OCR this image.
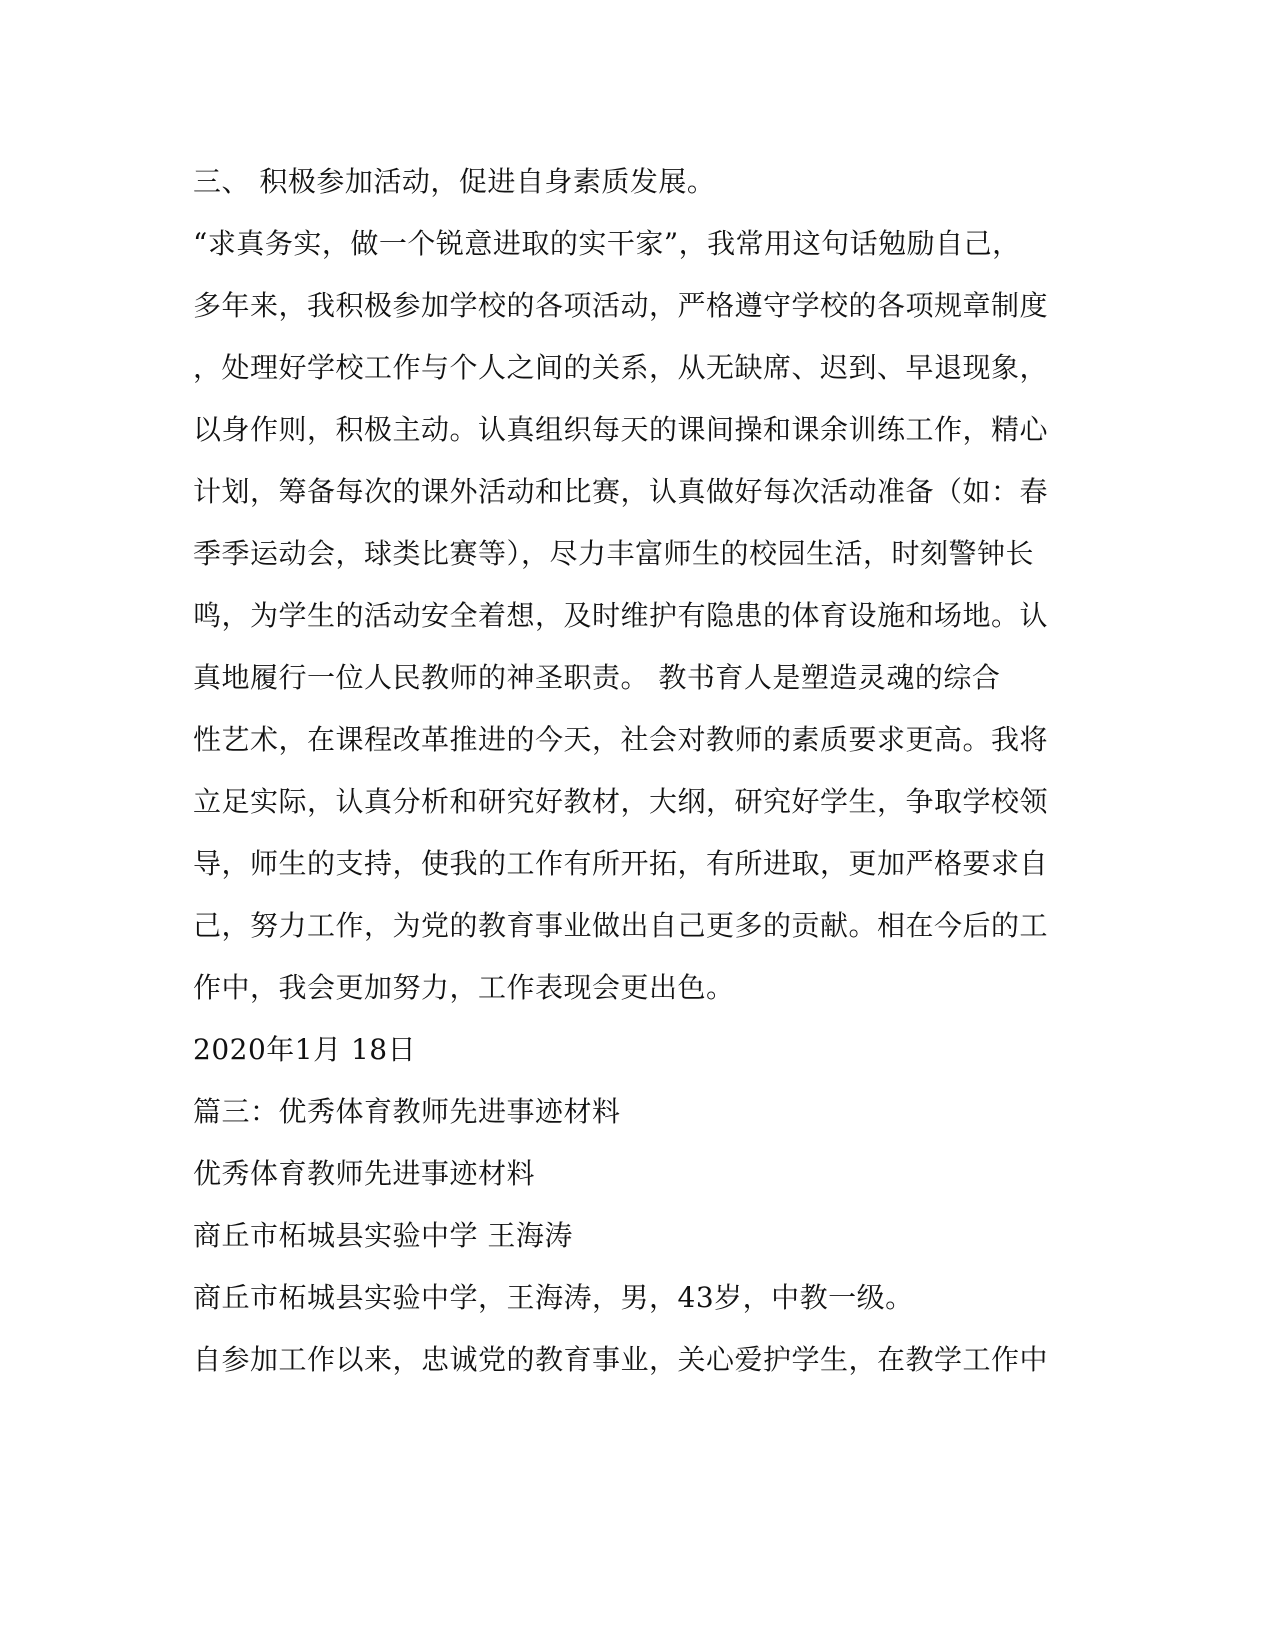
三、 积极参加活动，促进自身素质发展。

“求真务实，做一个锐意进取的实干家”，我常用这句话勉励自己，

多年来，我积极参加学校的各项活动，严格遵守学校的各项规章制度

，处理好学校工作与个人之间的关系，从无缺席、迟到、早退现象，

以身作则，积极主动。认真组织每天的课间操和课余训练工作，精心

计划，筹备每次的课外活动和比赛，认真做好每次活动准备（如：春

季季运动会，球类比赛等），尽力丰富师生的校园生活，时刻警钟长

鸣，为学生的活动安全着想，及时维护有隐患的体育设施和场地。认

真地履行一位人民教师的神圣职责。 教书育人是塑造灵魂的综合

性艺术，在课程改革推进的今天，社会对教师的素质要求更高。我将

立足实际，认真分析和研究好教材，大纲，研究好学生，争取学校领

导，师生的支持，使我的工作有所开拓，有所进取，更加严格要求自

己，努力工作，为党的教育事业做出自己更多的贡献。相在今后的工

作中，我会更加努力，工作表现会更出色。

2020年1月 18日

篇三：优秀体育教师先进事迹材料

优秀体育教师先进事迹材料

商丘市柘城县实验中学 王海涛

商丘市柘城县实验中学，王海涛，男，43岁，中教一级。

自参加工作以来，忠诚党的教育事业，关心爱护学生，在教学工作中
